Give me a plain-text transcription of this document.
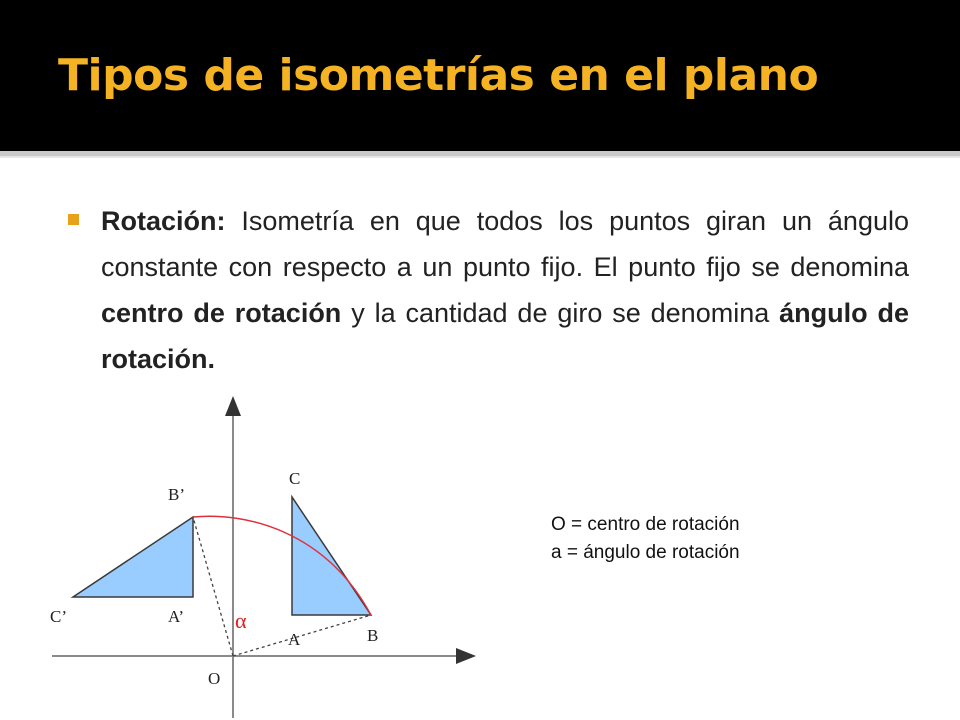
Tipos de isometrías en el plano

Rotación: Isometría en que todos los puntos giran un ángulo constante con respecto a un punto fijo. El punto fijo se denomina centro de rotación y la cantidad de giro se denomina ángulo de rotación.

B’
C’	A’
C
A	B
O
α
O = centro de rotación
a = ángulo de rotación
